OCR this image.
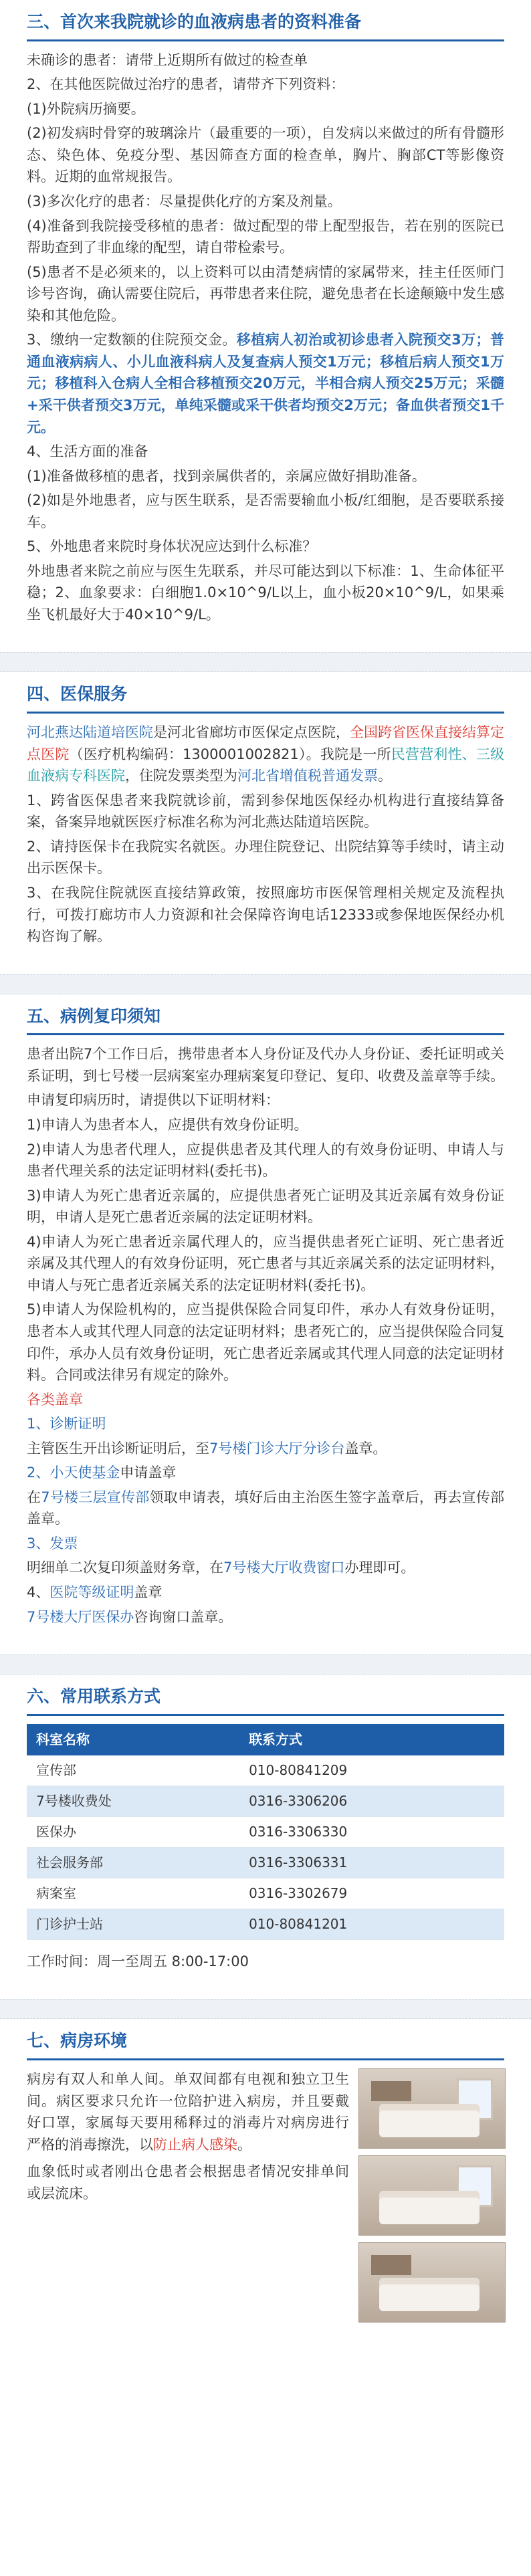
三、首次来我院就诊的血液病患者的资料准备

未确诊的患者：请带上近期所有做过的检查单

2、在其他医院做过治疗的患者，请带齐下列资料：

(1)外院病历摘要。

(2)初发病时骨穿的玻璃涂片（最重要的一项），自发病以来做过的所有骨髓形态、染色体、免疫分型、基因筛查方面的检查单，胸片、胸部CT等影像资料。近期的血常规报告。

(3)多次化疗的患者：尽量提供化疗的方案及剂量。

(4)准备到我院接受移植的患者：做过配型的带上配型报告，若在别的医院已帮助查到了非血缘的配型，请自带检索号。

(5)患者不是必须来的，以上资料可以由清楚病情的家属带来，挂主任医师门诊号咨询，确认需要住院后，再带患者来住院，避免患者在长途颠簸中发生感染和其他危险。

3、缴纳一定数额的住院预交金。移植病人初治或初诊患者入院预交3万；普通血液病病人、小儿血液科病人及复查病人预交1万元；移植后病人预交1万元；移植科入仓病人全相合移植预交20万元，半相合病人预交25万元；采髓+采干供者预交3万元，单纯采髓或采干供者均预交2万元；备血供者预交1千元。

4、生活方面的准备

(1)准备做移植的患者，找到亲属供者的，亲属应做好捐助准备。

(2)如是外地患者，应与医生联系，是否需要输血小板/红细胞，是否要联系接车。

5、外地患者来院时身体状况应达到什么标准？

外地患者来院之前应与医生先联系，并尽可能达到以下标准：1、生命体征平稳；2、血象要求：白细胞1.0×10^9/L以上，血小板20×10^9/L，如果乘坐飞机最好大于40×10^9/L。

四、医保服务

河北燕达陆道培医院是河北省廊坊市医保定点医院，全国跨省医保直接结算定点医院（医疗机构编码：1300001002821）。我院是一所民营营利性、三级血液病专科医院，住院发票类型为河北省增值税普通发票。

1、跨省医保患者来我院就诊前，需到参保地医保经办机构进行直接结算备案，备案异地就医医疗标准名称为河北燕达陆道培医院。

2、请持医保卡在我院实名就医。办理住院登记、出院结算等手续时，请主动出示医保卡。

3、在我院住院就医直接结算政策，按照廊坊市医保管理相关规定及流程执行，可拨打廊坊市人力资源和社会保障咨询电话12333或参保地医保经办机构咨询了解。

五、病例复印须知

患者出院7个工作日后，携带患者本人身份证及代办人身份证、委托证明或关系证明，到七号楼一层病案室办理病案复印登记、复印、收费及盖章等手续。

申请复印病历时，请提供以下证明材料：

1)申请人为患者本人，应提供有效身份证明。

2)申请人为患者代理人，应提供患者及其代理人的有效身份证明、申请人与患者代理关系的法定证明材料(委托书)。

3)申请人为死亡患者近亲属的，应提供患者死亡证明及其近亲属有效身份证明，申请人是死亡患者近亲属的法定证明材料。

4)申请人为死亡患者近亲属代理人的，应当提供患者死亡证明、死亡患者近亲属及其代理人的有效身份证明，死亡患者与其近亲属关系的法定证明材料，申请人与死亡患者近亲属关系的法定证明材料(委托书)。

5)申请人为保险机构的，应当提供保险合同复印件，承办人有效身份证明，患者本人或其代理人同意的法定证明材料；患者死亡的，应当提供保险合同复印件，承办人员有效身份证明，死亡患者近亲属或其代理人同意的法定证明材料。合同或法律另有规定的除外。

各类盖章

1、诊断证明

主管医生开出诊断证明后，至7号楼门诊大厅分诊台盖章。

2、小天使基金申请盖章

在7号楼三层宣传部领取申请表，填好后由主治医生签字盖章后，再去宣传部盖章。

3、发票

明细单二次复印须盖财务章，在7号楼大厅收费窗口办理即可。

4、医院等级证明盖章

7号楼大厅医保办咨询窗口盖章。

六、常用联系方式
科室名称	联系方式
宣传部	010-80841209
7号楼收费处	0316-3306206
医保办	0316-3306330
社会服务部	0316-3306331
病案室	0316-3302679
门诊护士站	010-80841201

工作时间：周一至周五 8:00-17:00

七、病房环境

病房有双人和单人间。单双间都有电视和独立卫生间。病区要求只允许一位陪护进入病房，并且要戴好口罩，家属每天要用稀释过的消毒片对病房进行严格的消毒擦洗，以防止病人感染。

血象低时或者刚出仓患者会根据患者情况安排单间或层流床。
